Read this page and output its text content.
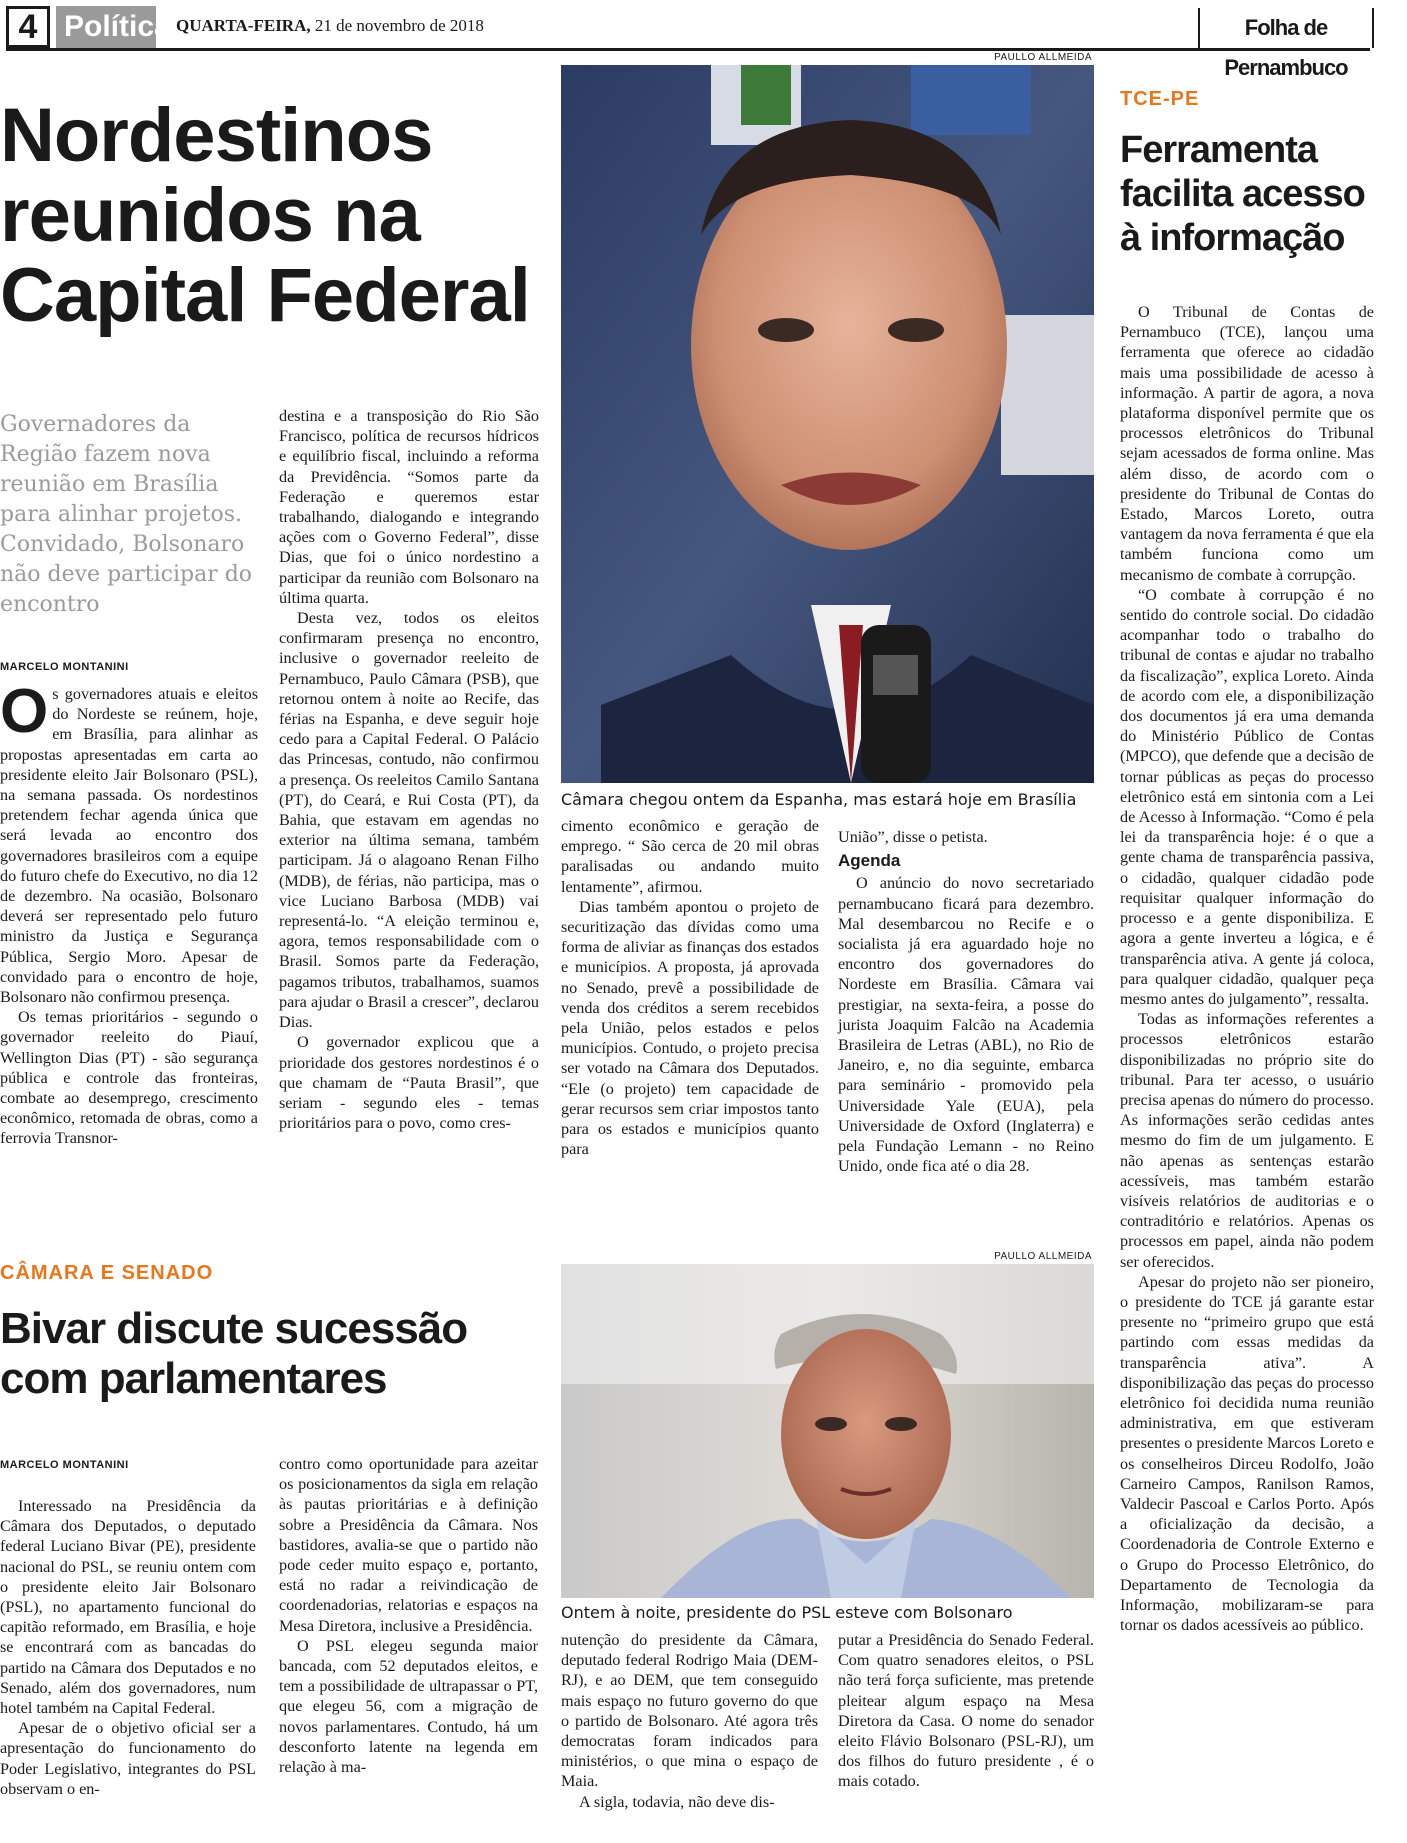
4 Política QUARTA-FEIRA, 21 de novembro de 2018	Folha de Pernambuco
Nordestinos reunidos na Capital Federal
Governadores da Região fazem nova reunião em Brasília para alinhar projetos. Convidado, Bolsonaro não deve participar do encontro
MARCELO MONTANINI
O s governadores atuais e eleitos do Nordeste se reúnem, hoje, em Brasília, para alinhar as propostas apresentadas em carta ao presidente eleito Jair Bolsonaro (PSL), na semana passada. Os nordestinos pretendem fechar agenda única que será levada ao encontro dos governadores brasileiros com a equipe do futuro chefe do Executivo, no dia 12 de dezembro. Na ocasião, Bolsonaro deverá ser representado pelo futuro ministro da Justiça e Segurança Pública, Sergio Moro. Apesar de convidado para o encontro de hoje, Bolsonaro não confirmou presença.

Os temas prioritários - segundo o governador reeleito do Piauí, Wellington Dias (PT) - são segurança pública e controle das fronteiras, combate ao desemprego, crescimento econômico, retomada de obras, como a ferrovia Transnor-

destina e a transposição do Rio São Francisco, política de recursos hídricos e equilíbrio fiscal, incluindo a reforma da Previdência. “Somos parte da Federação e queremos estar trabalhando, dialogando e integrando ações com o Governo Federal”, disse Dias, que foi o único nordestino a participar da reunião com Bolsonaro na última quarta.

Desta vez, todos os eleitos confirmaram presença no encontro, inclusive o governador reeleito de Pernambuco, Paulo Câmara (PSB), que retornou ontem à noite ao Recife, das férias na Espanha, e deve seguir hoje cedo para a Capital Federal. O Palácio das Princesas, contudo, não confirmou a presença. Os reeleitos Camilo Santana (PT), do Ceará, e Rui Costa (PT), da Bahia, que estavam em agendas no exterior na última semana, também participam. Já o alagoano Renan Filho (MDB), de férias, não participa, mas o vice Luciano Barbosa (MDB) vai representá-lo. “A eleição terminou e, agora, temos responsabilidade com o Brasil. Somos parte da Federação, pagamos tributos, trabalhamos, suamos para ajudar o Brasil a crescer”, declarou Dias.

O governador explicou que a prioridade dos gestores nordestinos é o que chamam de “Pauta Brasil”, que seriam - segundo eles - temas prioritários para o povo, como cres-

PAULLO ALLMEIDA
Câmara chegou ontem da Espanha, mas estará hoje em Brasília

cimento econômico e geração de emprego. “ São cerca de 20 mil obras paralisadas ou andando muito lentamente”, afirmou.

Dias também apontou o projeto de securitização das dívidas como uma forma de aliviar as finanças dos estados e municípios. A proposta, já aprovada no Senado, prevê a possibilidade de venda dos créditos a serem recebidos pela União, pelos estados e pelos municípios. Contudo, o projeto precisa ser votado na Câmara dos Deputados. “Ele (o projeto) tem capacidade de gerar recursos sem criar impostos tanto para os estados e municípios quanto para

União”, disse o petista.

Agenda

O anúncio do novo secretariado pernambucano ficará para dezembro. Mal desembarcou no Recife e o socialista já era aguardado hoje no encontro dos governadores do Nordeste em Brasília. Câmara vai prestigiar, na sexta-feira, a posse do jurista Joaquim Falcão na Academia Brasileira de Letras (ABL), no Rio de Janeiro, e, no dia seguinte, embarca para seminário - promovido pela Universidade Yale (EUA), pela Universidade de Oxford (Inglaterra) e pela Fundação Lemann - no Reino Unido, onde fica até o dia 28.

TCE-PE
Ferramenta facilita acesso à informação

O Tribunal de Contas de Pernambuco (TCE), lançou uma ferramenta que oferece ao cidadão mais uma possibilidade de acesso à informação. A partir de agora, a nova plataforma disponível permite que os processos eletrônicos do Tribunal sejam acessados de forma online. Mas além disso, de acordo com o presidente do Tribunal de Contas do Estado, Marcos Loreto, outra vantagem da nova ferramenta é que ela também funciona como um mecanismo de combate à corrupção.

“O combate à corrupção é no sentido do controle social. Do cidadão acompanhar todo o trabalho do tribunal de contas e ajudar no trabalho da fiscalização”, explica Loreto. Ainda de acordo com ele, a disponibilização dos documentos já era uma demanda do Ministério Público de Contas (MPCO), que defende que a decisão de tornar públicas as peças do processo eletrônico está em sintonia com a Lei de Acesso à Informação. “Como é pela lei da transparência hoje: é o que a gente chama de transparência passiva, o cidadão, qualquer cidadão pode requisitar qualquer informação do processo e a gente disponibiliza. E agora a gente inverteu a lógica, e é transparência ativa. A gente já coloca, para qualquer cidadão, qualquer peça mesmo antes do julgamento”, ressalta.

Todas as informações referentes a processos eletrônicos estarão disponibilizadas no próprio site do tribunal. Para ter acesso, o usuário precisa apenas do número do processo. As informações serão cedidas antes mesmo do fim de um julgamento. E não apenas as sentenças estarão acessíveis, mas também estarão visíveis relatórios de auditorias e o contraditório e relatórios. Apenas os processos em papel, ainda não podem ser oferecidos.

Apesar do projeto não ser pioneiro, o presidente do TCE já garante estar presente no “primeiro grupo que está partindo com essas medidas da transparência ativa”. A disponibilização das peças do processo eletrônico foi decidida numa reunião administrativa, em que estiveram presentes o presidente Marcos Loreto e os conselheiros Dirceu Rodolfo, João Carneiro Campos, Ranilson Ramos, Valdecir Pascoal e Carlos Porto. Após a oficialização da decisão, a Coordenadoria de Controle Externo e o Grupo do Processo Eletrônico, do Departamento de Tecnologia da Informação, mobilizaram-se para tornar os dados acessíveis ao público.

CÂMARA E SENADO
Bivar discute sucessão com parlamentares
MARCELO MONTANINI

Interessado na Presidência da Câmara dos Deputados, o deputado federal Luciano Bivar (PE), presidente nacional do PSL, se reuniu ontem com o presidente eleito Jair Bolsonaro (PSL), no apartamento funcional do capitão reformado, em Brasília, e hoje se encontrará com as bancadas do partido na Câmara dos Deputados e no Senado, além dos governadores, num hotel também na Capital Federal.

Apesar de o objetivo oficial ser a apresentação do funcionamento do Poder Legislativo, integrantes do PSL observam o en-

contro como oportunidade para azeitar os posicionamentos da sigla em relação às pautas prioritárias e à definição sobre a Presidência da Câmara. Nos bastidores, avalia-se que o partido não pode ceder muito espaço e, portanto, está no radar a reivindicação de coordenadorias, relatorias e espaços na Mesa Diretora, inclusive a Presidência.

O PSL elegeu segunda maior bancada, com 52 deputados eleitos, e tem a possibilidade de ultrapassar o PT, que elegeu 56, com a migração de novos parlamentares. Contudo, há um desconforto latente na legenda em relação à ma-

PAULLO ALLMEIDA
Ontem à noite, presidente do PSL esteve com Bolsonaro

nutenção do presidente da Câmara, deputado federal Rodrigo Maia (DEM-RJ), e ao DEM, que tem conseguido mais espaço no futuro governo do que o partido de Bolsonaro. Até agora três democratas foram indicados para ministérios, o que mina o espaço de Maia.

A sigla, todavia, não deve dis-

putar a Presidência do Senado Federal. Com quatro senadores eleitos, o PSL não terá força suficiente, mas pretende pleitear algum espaço na Mesa Diretora da Casa. O nome do senador eleito Flávio Bolsonaro (PSL-RJ), um dos filhos do futuro presidente , é o mais cotado.
